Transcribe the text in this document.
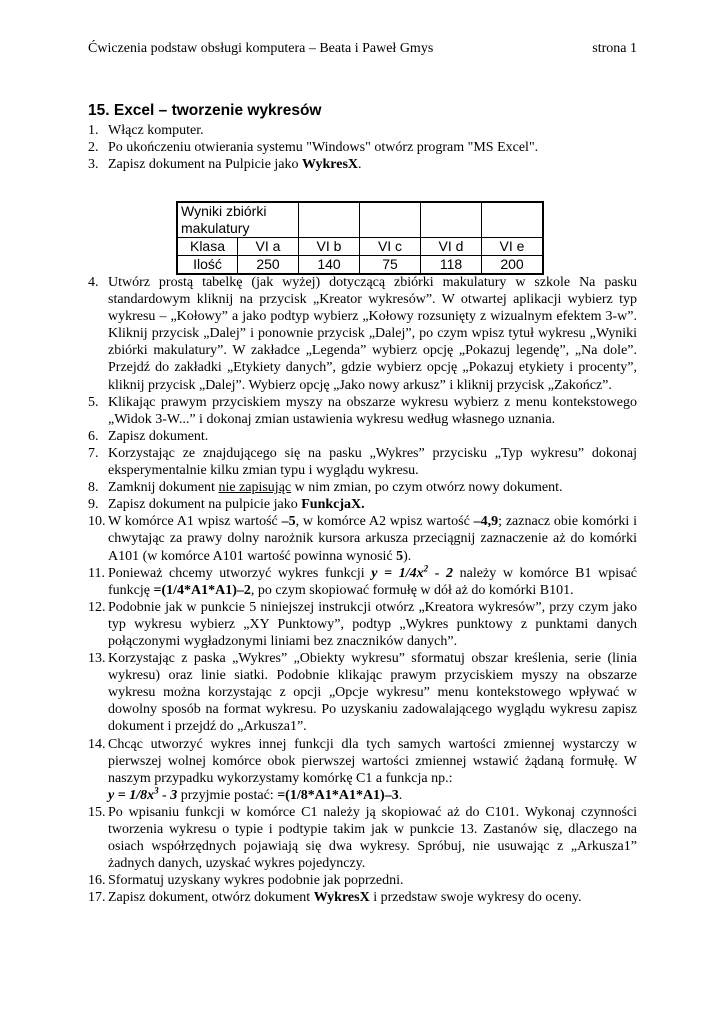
Ćwiczenia podstaw obsługi komputera – Beata i Paweł Gmys	strona 1
15. Excel – tworzenie wykresów
1. Włącz komputer.
2. Po ukończeniu otwierania systemu "Windows" otwórz program "MS Excel".
3. Zapisz dokument na Pulpicie jako WykresX.
Wyniki zbiórki makulatury					
Klasa	VI a	VI b	VI c	VI d	VI e
Ilość	250	140	75	118	200
4. Utwórz prostą tabelkę (jak wyżej) dotyczącą zbiórki makulatury w szkole Na pasku standardowym kliknij na przycisk „Kreator wykresów”. W otwartej aplikacji wybierz typ wykresu – „Kołowy” a jako podtyp wybierz „Kołowy rozsunięty z wizualnym efektem 3-w”. Kliknij przycisk „Dalej” i ponownie przycisk „Dalej”, po czym wpisz tytuł wykresu „Wyniki zbiórki makulatury”. W zakładce „Legenda” wybierz opcję „Pokazuj legendę”, „Na dole”. Przejdź do zakładki „Etykiety danych”, gdzie wybierz opcję „Pokazuj etykiety i procenty”, kliknij przycisk „Dalej”. Wybierz opcję „Jako nowy arkusz” i kliknij przycisk „Zakończ”.
5. Klikając prawym przyciskiem myszy na obszarze wykresu wybierz z menu kontekstowego „Widok 3-W...” i dokonaj zmian ustawienia wykresu według własnego uznania.
6. Zapisz dokument.
7. Korzystając ze znajdującego się na pasku „Wykres” przycisku „Typ wykresu” dokonaj eksperymentalnie kilku zmian typu i wyglądu wykresu.
8. Zamknij dokument nie zapisując w nim zmian, po czym otwórz nowy dokument.
9. Zapisz dokument na pulpicie jako FunkcjaX.
10. W komórce A1 wpisz wartość –5, w komórce A2 wpisz wartość –4,9; zaznacz obie komórki i chwytając za prawy dolny narożnik kursora arkusza przeciągnij zaznaczenie aż do komórki A101 (w komórce A101 wartość powinna wynosić 5).
11. Ponieważ chcemy utworzyć wykres funkcji $y = 1/4x^2 - 2$ należy w komórce B1 wpisać funkcję =(1/4*A1*A1)–2, po czym skopiować formułę w dół aż do komórki B101.
12. Podobnie jak w punkcie 5 niniejszej instrukcji otwórz „Kreatora wykresów”, przy czym jako typ wykresu wybierz „XY Punktowy”, podtyp „Wykres punktowy z punktami danych połączonymi wygładzonymi liniami bez znaczników danych”.
13. Korzystając z paska „Wykres” „Obiekty wykresu” sformatuj obszar kreślenia, serie (linia wykresu) oraz linie siatki. Podobnie klikając prawym przyciskiem myszy na obszarze wykresu można korzystając z opcji „Opcje wykresu” menu kontekstowego wpływać w dowolny sposób na format wykresu. Po uzyskaniu zadowalającego wyglądu wykresu zapisz dokument i przejdź do „Arkusza1”.
14. Chcąc utworzyć wykres innej funkcji dla tych samych wartości zmiennej wystarczy w pierwszej wolnej komórce obok pierwszej wartości zmiennej wstawić żądaną formułę. W naszym przypadku wykorzystamy komórkę C1 a funkcja np.:
$y = 1/8x^3 - 3$ przyjmie postać: =(1/8*A1*A1*A1)–3.
15. Po wpisaniu funkcji w komórce C1 należy ją skopiować aż do C101. Wykonaj czynności tworzenia wykresu o typie i podtypie takim jak w punkcie 13. Zastanów się, dlaczego na osiach współrzędnych pojawiają się dwa wykresy. Spróbuj, nie usuwając z „Arkusza1” żadnych danych, uzyskać wykres pojedynczy.
16. Sformatuj uzyskany wykres podobnie jak poprzedni.
17. Zapisz dokument, otwórz dokument WykresX i przedstaw swoje wykresy do oceny.
